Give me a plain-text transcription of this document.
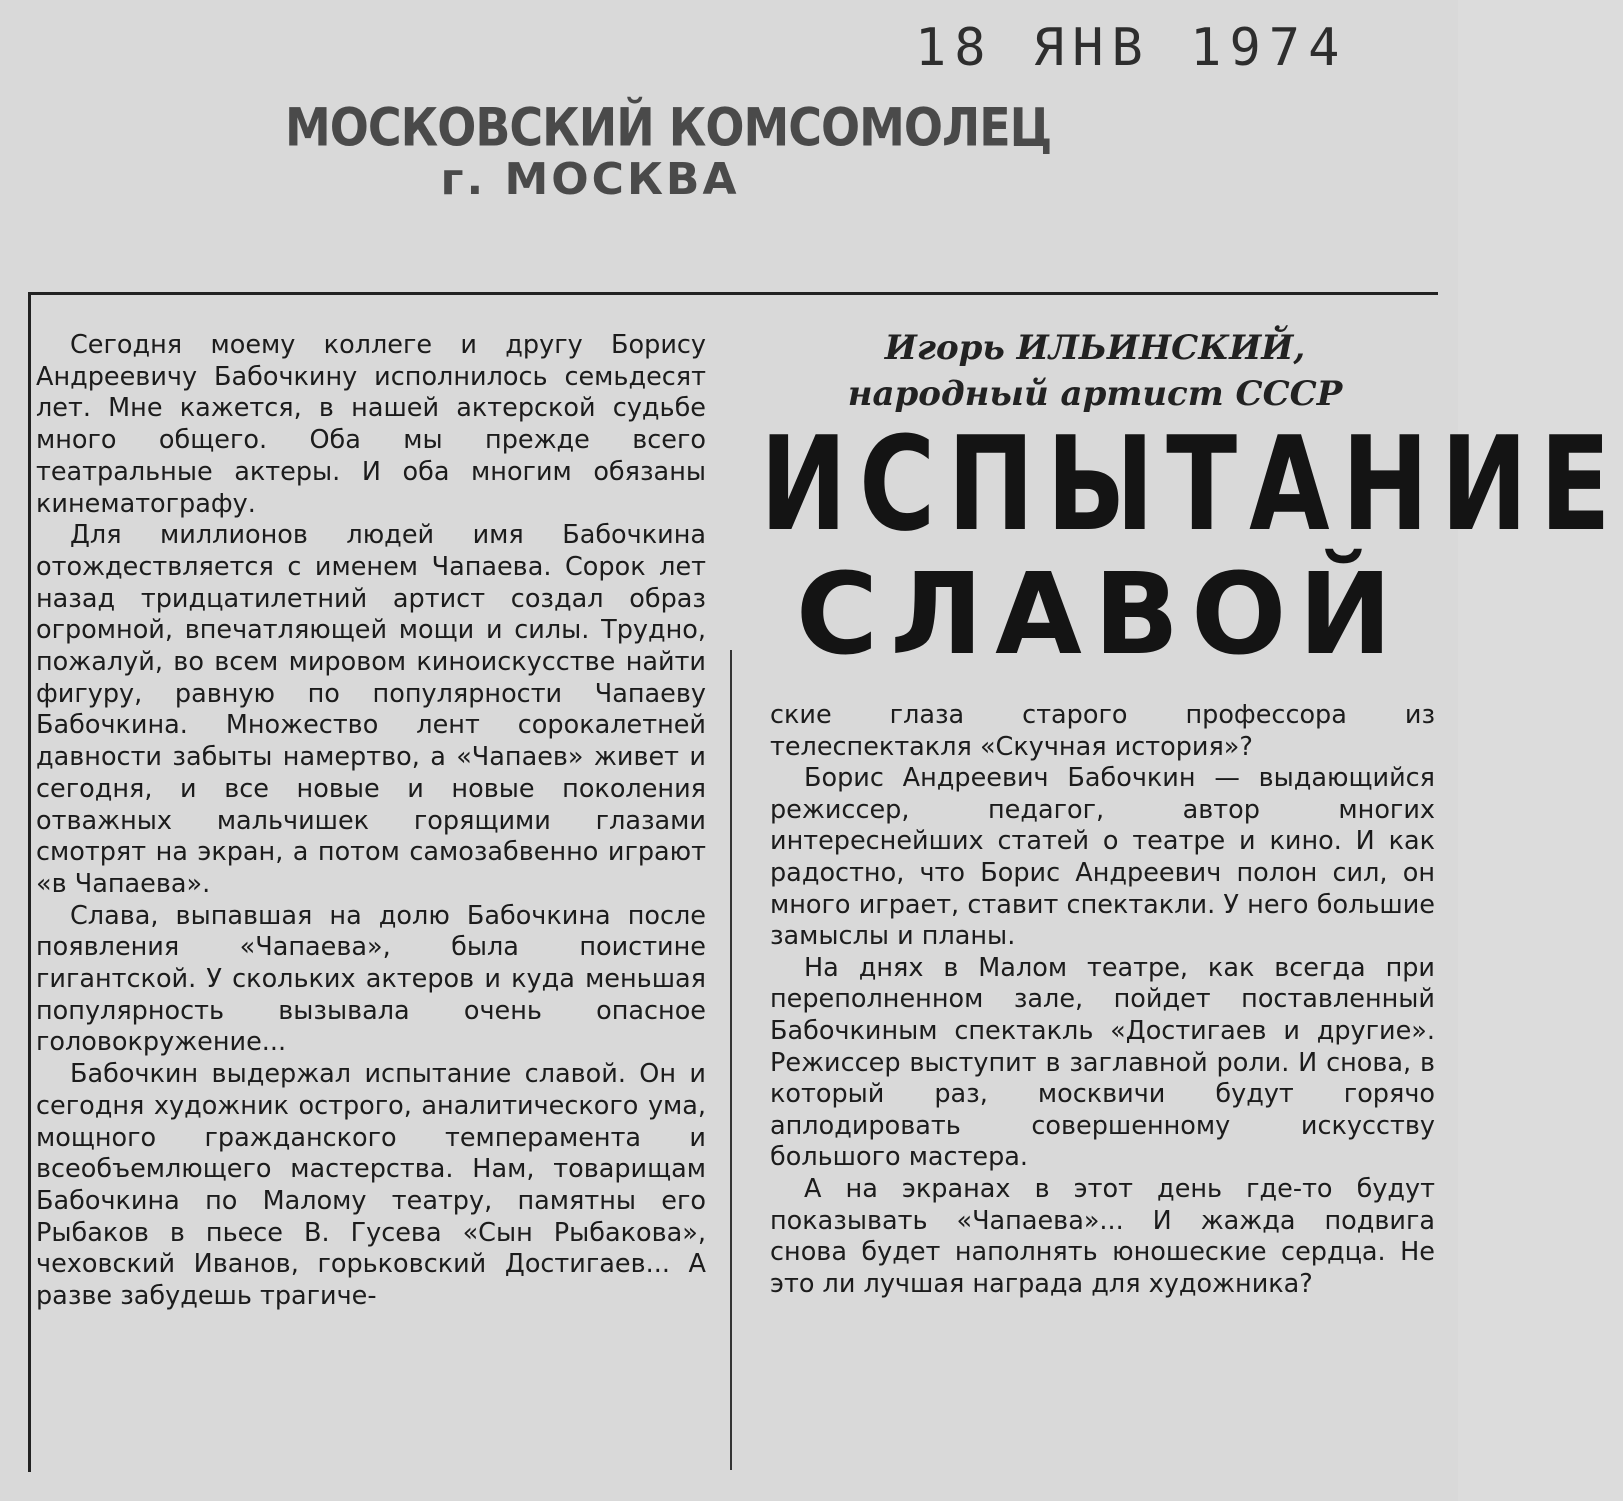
18 ЯНВ 1974
МОСКОВСКИЙ КОМСОМОЛЕЦ
г. МОСКВА

Сегодня моему коллеге и другу Борису Андреевичу Бабочкину исполнилось семьдесят лет. Мне кажется, в нашей актерской судьбе много общего. Оба мы прежде всего театральные актеры. И оба многим обязаны кинематографу.

Для миллионов людей имя Бабочкина отождествляется с именем Чапаева. Сорок лет назад тридцатилетний артист создал образ огромной, впечатляющей мощи и силы. Трудно, пожалуй, во всем мировом киноискусстве найти фигуру, равную по популярности Чапаеву Бабочкина. Множество лент сорокалетней давности забыты намертво, а «Чапаев» живет и сегодня, и все новые и новые поколения отважных мальчишек горящими глазами смотрят на экран, а потом самозабвенно играют «в Чапаева».

Слава, выпавшая на долю Бабочкина после появления «Чапаева», была поистине гигантской. У скольких актеров и куда меньшая популярность вызывала очень опасное головокружение...

Бабочкин выдержал испытание славой. Он и сегодня художник острого, аналитического ума, мощного гражданского темперамента и всеобъемлющего мастерства. Нам, товарищам Бабочкина по Малому театру, памятны его Рыбаков в пьесе В. Гусева «Сын Рыбакова», чеховский Иванов, горьковский Достигаев... А разве забудешь трагиче-

Игорь ИЛЬИНСКИЙ,
народный артист СССР
ИСПЫТАНИЕ
СЛАВОЙ

ские глаза старого профессора из телеспектакля «Скучная история»?

Борис Андреевич Бабочкин — выдающийся режиссер, педагог, автор многих интереснейших статей о театре и кино. И как радостно, что Борис Андреевич полон сил, он много играет, ставит спектакли. У него большие замыслы и планы.

На днях в Малом театре, как всегда при переполненном зале, пойдет поставленный Бабочкиным спектакль «Достигаев и другие». Режиссер выступит в заглавной роли. И снова, в который раз, москвичи будут горячо аплодировать совершенному искусству большого мастера.

А на экранах в этот день где-то будут показывать «Чапаева»... И жажда подвига снова будет наполнять юношеские сердца. Не это ли лучшая награда для художника?
